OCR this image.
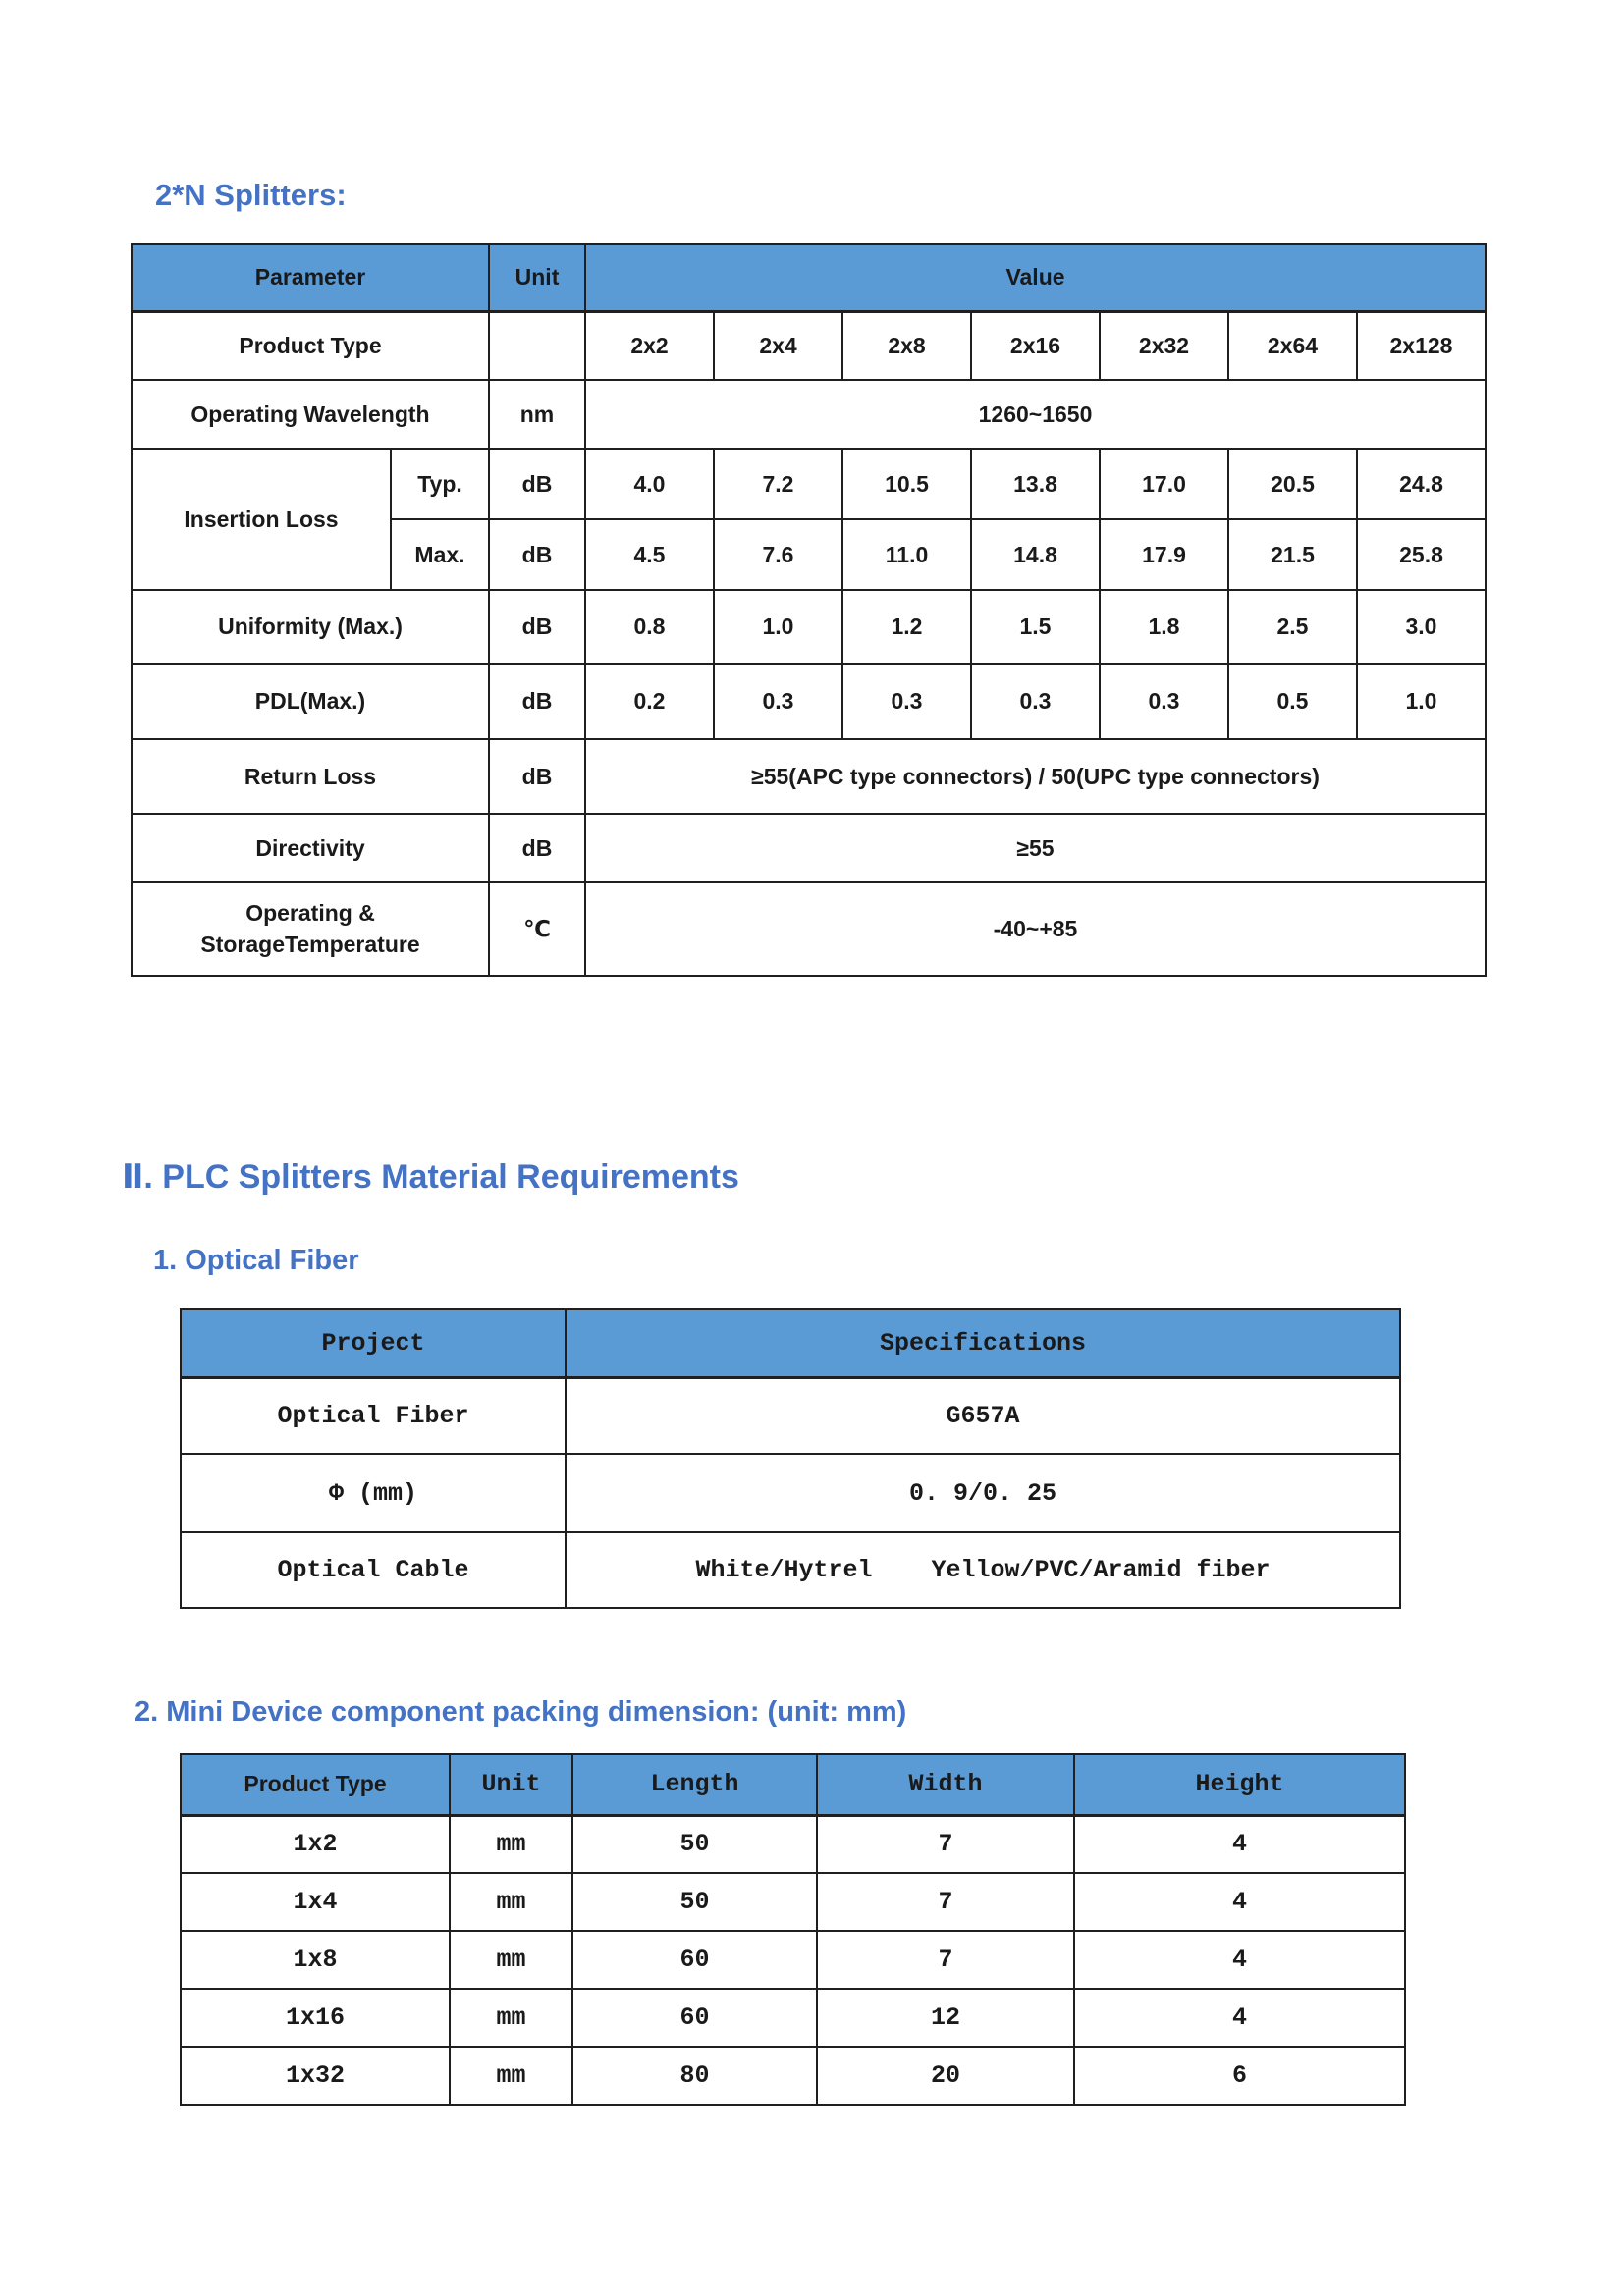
2*N Splitters:
Parameter		Unit	Value						
Product Type			2x2	2x4	2x8	2x16	2x32	2x64	2x128
Operating Wavelength		nm	1260~1650						
Insertion Loss	Typ.	dB	4.0	7.2	10.5	13.8	17.0	20.5	24.8
	Max.	dB	4.5	7.6	11.0	14.8	17.9	21.5	25.8
Uniformity (Max.)		dB	0.8	1.0	1.2	1.5	1.8	2.5	3.0
PDL(Max.)		dB	0.2	0.3	0.3	0.3	0.3	0.5	1.0
Return Loss		dB	≥55(APC type connectors) / 50(UPC type connectors)						
Directivity		dB	≥55						

Operating &
StorageTemperature		℃	-40~+85						
Ⅱ. PLC Splitters Material Requirements
1. Optical Fiber
Project	Specifications
Optical Fiber	G657A
Φ (mm)	0. 9/0. 25
Optical Cable	White/Hytrel    Yellow/PVC/Aramid fiber
2. Mini Device component packing dimension: (unit: mm)
Product Type	Unit	Length	Width	Height
1x2	mm	50	7	4
1x4	mm	50	7	4
1x8	mm	60	7	4
1x16	mm	60	12	4
1x32	mm	80	20	6
